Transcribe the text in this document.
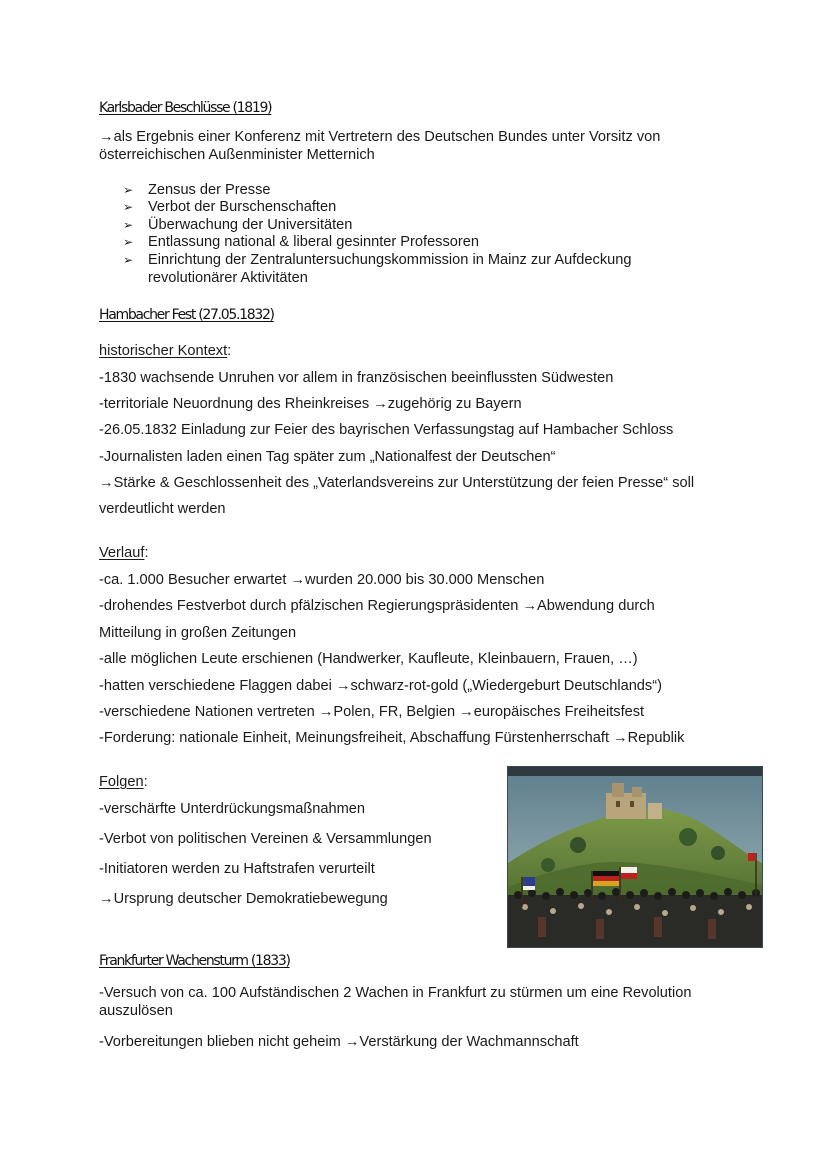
Karlsbader Beschlüsse (1819)
→als Ergebnis einer Konferenz mit Vertretern des Deutschen Bundes unter Vorsitz von
österreichischen Außenminister Metternich
➢ Zensus der Presse
➢ Verbot der Burschenschaften
➢ Überwachung der Universitäten
➢ Entlassung national & liberal gesinnter Professoren
➢ Einrichtung der Zentraluntersuchungskommission in Mainz zur Aufdeckung
revolutionärer Aktivitäten
Hambacher Fest (27.05.1832)
historischer Kontext:
-1830 wachsende Unruhen vor allem in französischen beeinflussten Südwesten
-territoriale Neuordnung des Rheinkreises →zugehörig zu Bayern
-26.05.1832 Einladung zur Feier des bayrischen Verfassungstag auf Hambacher Schloss
-Journalisten laden einen Tag später zum „Nationalfest der Deutschen“
→Stärke & Geschlossenheit des „Vaterlandsvereins zur Unterstützung der feien Presse“ soll
verdeutlicht werden
Verlauf:
-ca. 1.000 Besucher erwartet →wurden 20.000 bis 30.000 Menschen
-drohendes Festverbot durch pfälzischen Regierungspräsidenten →Abwendung durch
Mitteilung in großen Zeitungen
-alle möglichen Leute erschienen (Handwerker, Kaufleute, Kleinbauern, Frauen, …)
-hatten verschiedene Flaggen dabei →schwarz-rot-gold („Wiedergeburt Deutschlands“)
-verschiedene Nationen vertreten →Polen, FR, Belgien →europäisches Freiheitsfest
-Forderung: nationale Einheit, Meinungsfreiheit, Abschaffung Fürstenherrschaft →Republik
Folgen:
-verschärfte Unterdrückungsmaßnahmen
-Verbot von politischen Vereinen & Versammlungen
-Initiatoren werden zu Haftstrafen verurteilt
→Ursprung deutscher Demokratiebewegung
Frankfurter Wachensturm (1833)
-Versuch von ca. 100 Aufständischen 2 Wachen in Frankfurt zu stürmen um eine Revolution
auszulösen
-Vorbereitungen blieben nicht geheim →Verstärkung der Wachmannschaft
